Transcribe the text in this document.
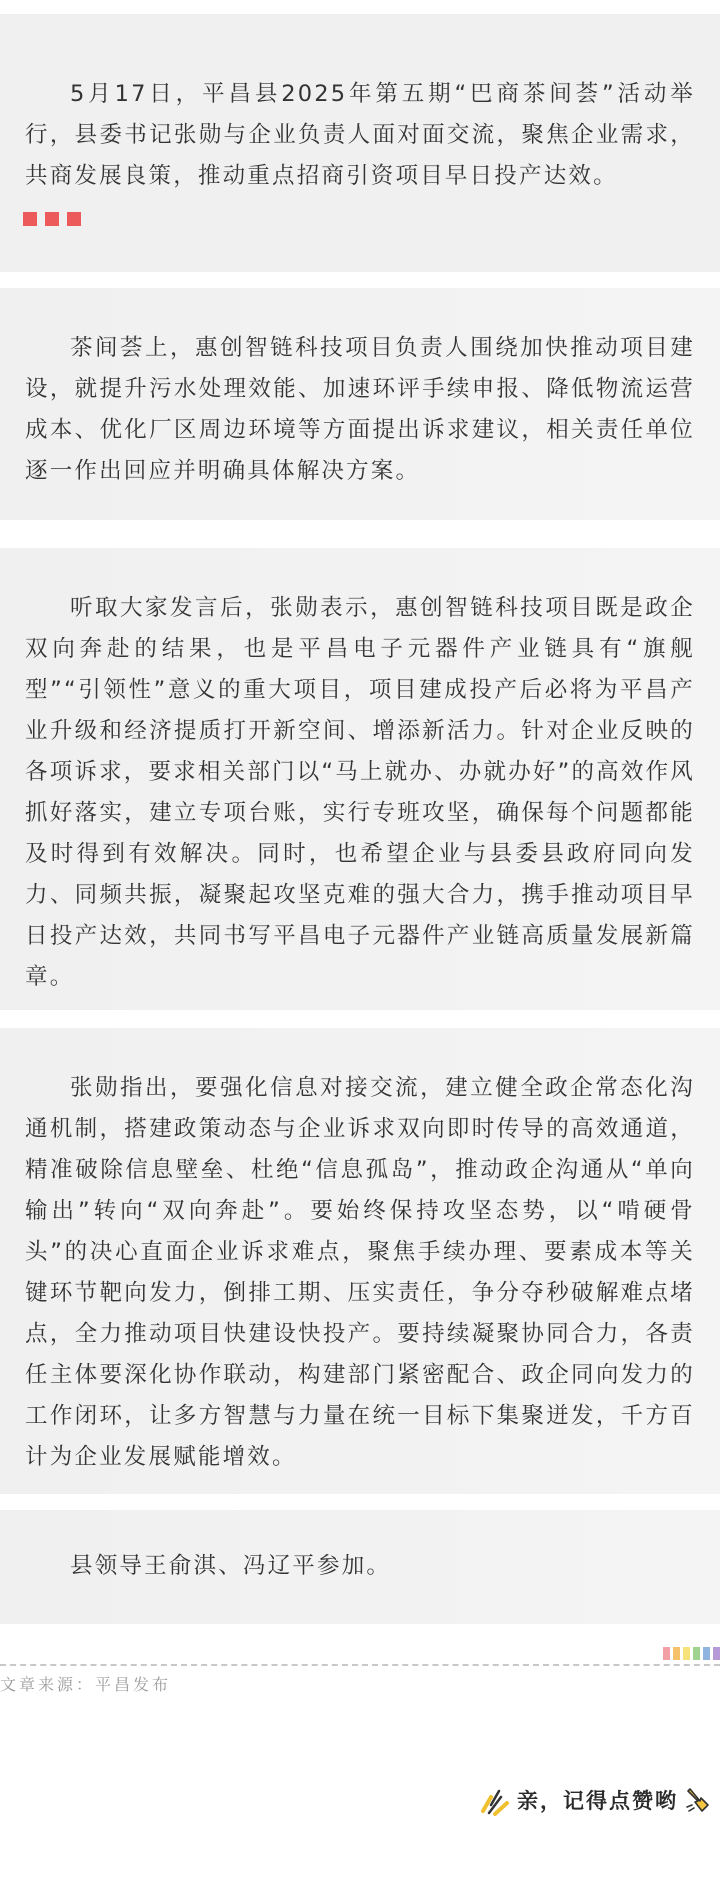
5月17日，平昌县2025年第五期“巴商茶间荟”活动举行，县委书记张勋与企业负责人面对面交流，聚焦企业需求，共商发展良策，推动重点招商引资项目早日投产达效。

茶间荟上，惠创智链科技项目负责人围绕加快推动项目建设，就提升污水处理效能、加速环评手续申报、降低物流运营成本、优化厂区周边环境等方面提出诉求建议，相关责任单位逐一作出回应并明确具体解决方案。

听取大家发言后，张勋表示，惠创智链科技项目既是政企双向奔赴的结果，也是平昌电子元器件产业链具有“旗舰型”“引领性”意义的重大项目，项目建成投产后必将为平昌产业升级和经济提质打开新空间、增添新活力。针对企业反映的各项诉求，要求相关部门以“马上就办、办就办好”的高效作风抓好落实，建立专项台账，实行专班攻坚，确保每个问题都能及时得到有效解决。同时，也希望企业与县委县政府同向发力、同频共振，凝聚起攻坚克难的强大合力，携手推动项目早日投产达效，共同书写平昌电子元器件产业链高质量发展新篇章。

张勋指出，要强化信息对接交流，建立健全政企常态化沟通机制，搭建政策动态与企业诉求双向即时传导的高效通道，精准破除信息壁垒、杜绝“信息孤岛”，推动政企沟通从“单向输出”转向“双向奔赴”。要始终保持攻坚态势，以“啃硬骨头”的决心直面企业诉求难点，聚焦手续办理、要素成本等关键环节靶向发力，倒排工期、压实责任，争分夺秒破解难点堵点，全力推动项目快建设快投产。要持续凝聚协同合力，各责任主体要深化协作联动，构建部门紧密配合、政企同向发力的工作闭环，让多方智慧与力量在统一目标下集聚迸发，千方百计为企业发展赋能增效。

县领导王俞淇、冯辽平参加。

文章来源：平昌发布
亲，记得点赞哟
